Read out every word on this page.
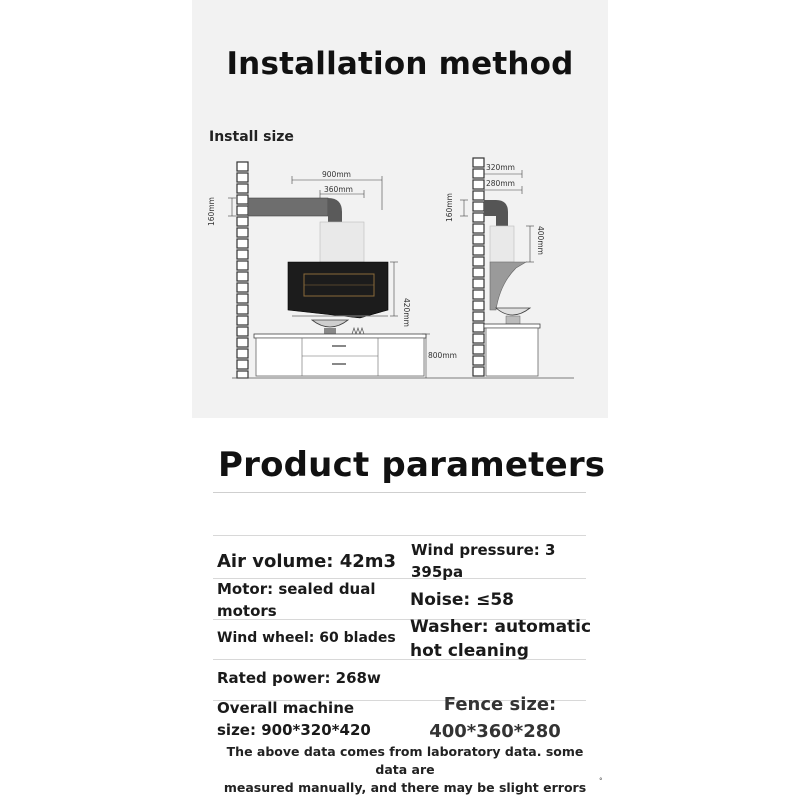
Installation method
Install size
900mm
360mm
160mm
420mm
800mm
320mm
280mm
160mm
400mm
Product parameters
Air volume: 42m3
Wind pressure: 3
395pa
Motor: sealed dual
motors
Noise: ≤58
Wind wheel: 60 blades
Washer: automatic
hot cleaning
Rated power: 268w
Overall machine
size: 900*320*420
Fence size:
400*360*280
The above data comes from laboratory data. some data are
measured manually, and there may be slight errors	°
